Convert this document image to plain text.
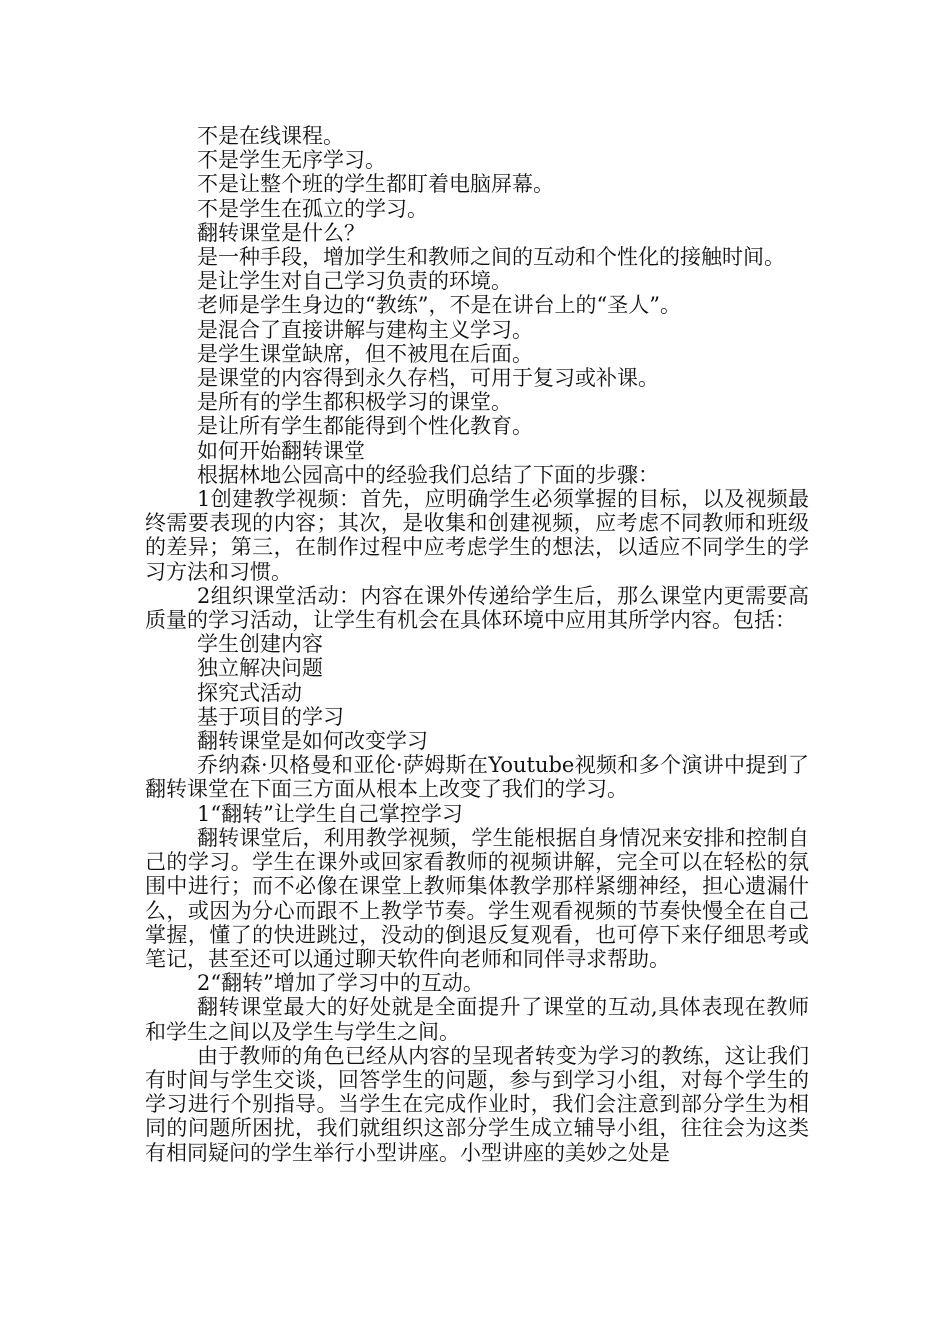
不是在线课程。

不是学生无序学习。

不是让整个班的学生都盯着电脑屏幕。

不是学生在孤立的学习。

翻转课堂是什么？

是一种手段，增加学生和教师之间的互动和个性化的接触时间。

是让学生对自己学习负责的环境。

老师是学生身边的“教练”，不是在讲台上的“圣人”。

是混合了直接讲解与建构主义学习。

是学生课堂缺席，但不被甩在后面。

是课堂的内容得到永久存档，可用于复习或补课。

是所有的学生都积极学习的课堂。

是让所有学生都能得到个性化教育。

如何开始翻转课堂

根据林地公园高中的经验我们总结了下面的步骤：

1创建教学视频：首先，应明确学生必须掌握的目标，以及视频最终需要表现的内容；其次，是收集和创建视频，应考虑不同教师和班级的差异；第三，在制作过程中应考虑学生的想法，以适应不同学生的学习方法和习惯。

2组织课堂活动：内容在课外传递给学生后，那么课堂内更需要高质量的学习活动，让学生有机会在具体环境中应用其所学内容。包括：

学生创建内容

独立解决问题

探究式活动

基于项目的学习

翻转课堂是如何改变学习

乔纳森·贝格曼和亚伦·萨姆斯在Youtube视频和多个演讲中提到了翻转课堂在下面三方面从根本上改变了我们的学习。

1“翻转”让学生自己掌控学习

翻转课堂后，利用教学视频，学生能根据自身情况来安排和控制自己的学习。学生在课外或回家看教师的视频讲解，完全可以在轻松的氛围中进行；而不必像在课堂上教师集体教学那样紧绷神经，担心遗漏什么，或因为分心而跟不上教学节奏。学生观看视频的节奏快慢全在自己掌握，懂了的快进跳过，没动的倒退反复观看，也可停下来仔细思考或笔记，甚至还可以通过聊天软件向老师和同伴寻求帮助。

2“翻转”增加了学习中的互动。

翻转课堂最大的好处就是全面提升了课堂的互动,具体表现在教师和学生之间以及学生与学生之间。

由于教师的角色已经从内容的呈现者转变为学习的教练，这让我们有时间与学生交谈，回答学生的问题，参与到学习小组，对每个学生的学习进行个别指导。当学生在完成作业时，我们会注意到部分学生为相同的问题所困扰，我们就组织这部分学生成立辅导小组，往往会为这类有相同疑问的学生举行小型讲座。小型讲座的美妙之处是
